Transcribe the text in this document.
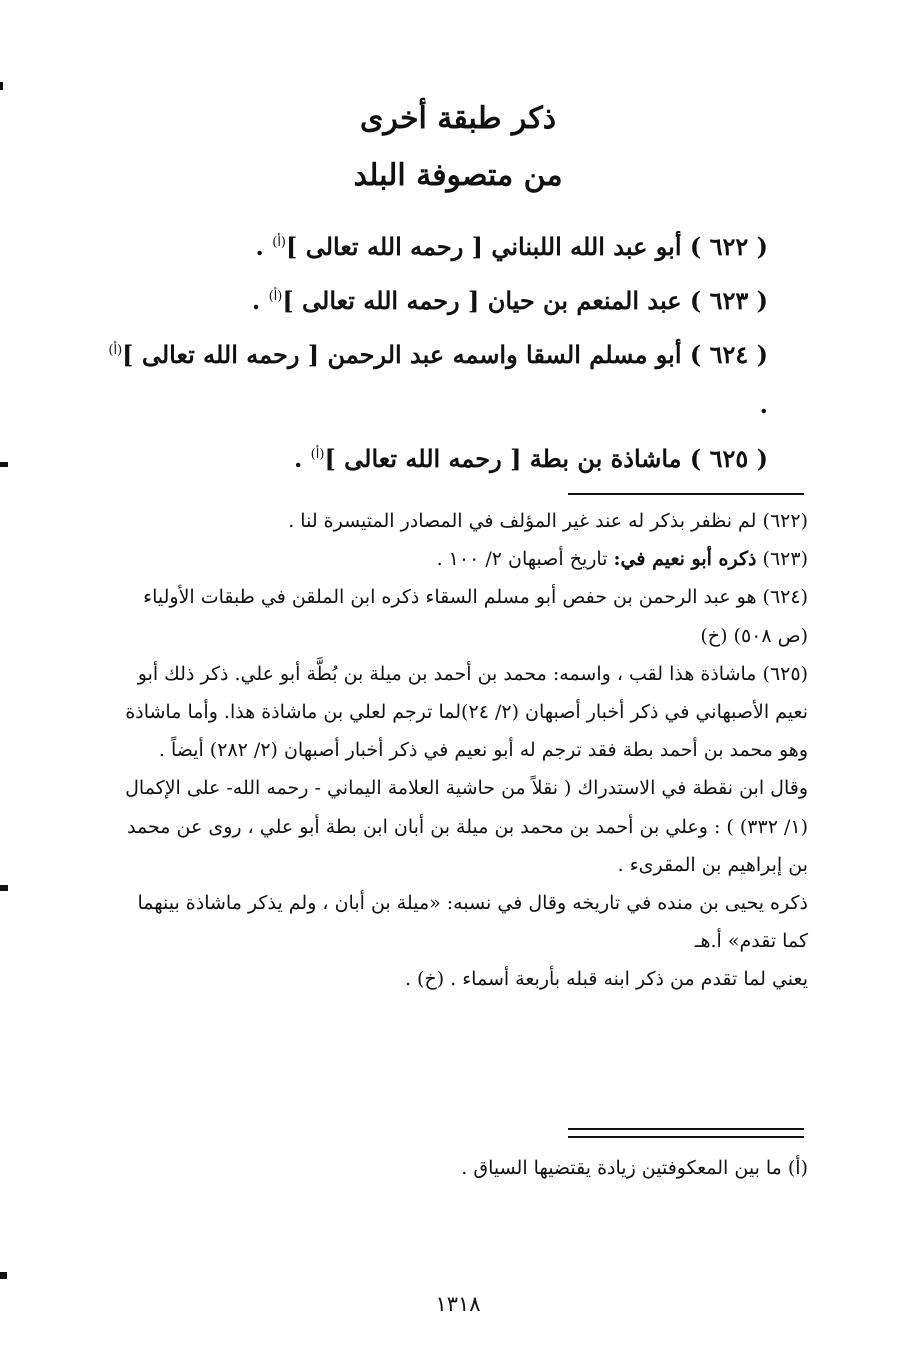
ذكر طبقة أخرى
من متصوفة البلد
( ٦٢٢ ) أبو عبد الله اللبناني [ رحمه الله تعالى ]$^{(أ)}$ .
( ٦٢٣ ) عبد المنعم بن حيان [ رحمه الله تعالى ]$^{(أ)}$ .
( ٦٢٤ ) أبو مسلم السقا واسمه عبد الرحمن [ رحمه الله تعالى ]$^{(أ)}$ .
( ٦٢٥ ) ماشاذة بن بطة [ رحمه الله تعالى ]$^{(أ)}$ .

(٦٢٢) لم نظفر بذكر له عند غير المؤلف في المصادر المتيسرة لنا .

(٦٢٣) ذكره أبو نعيم في: تاريخ أصبهان ٢/ ١٠٠ .

(٦٢٤) هو عبد الرحمن بن حفص أبو مسلم السقاء ذكره ابن الملقن في طبقات الأولياء (ص ٥٠٨) (خ)

(٦٢٥) ماشاذة هذا لقب ، واسمه: محمد بن أحمد بن ميلة بن بُطَّة أبو علي. ذكر ذلك أبو نعيم الأصبهاني في ذكر أخبار أصبهان (٢/ ٢٤)لما ترجم لعلي بن ماشاذة هذا. وأما ماشاذة وهو محمد بن أحمد بطة فقد ترجم له أبو نعيم في ذكر أخبار أصبهان (٢/ ٢٨٢) أيضاً .

وقال ابن نقطة في الاستدراك ( نقلاً من حاشية العلامة اليماني - رحمه الله- على الإكمال (١/ ٣٣٢) ) : وعلي بن أحمد بن محمد بن ميلة بن أبان ابن بطة أبو علي ، روى عن محمد بن إبراهيم بن المقرىء .

ذكره يحيى بن منده في تاريخه وقال في نسبه: «ميلة بن أبان ، ولم يذكر ماشاذة بينهما كما تقدم» أ.هـ

يعني لما تقدم من ذكر ابنه قبله بأربعة أسماء . (خ) .

(أ) ما بين المعكوفتين زيادة يقتضيها السياق .
١٣١٨
